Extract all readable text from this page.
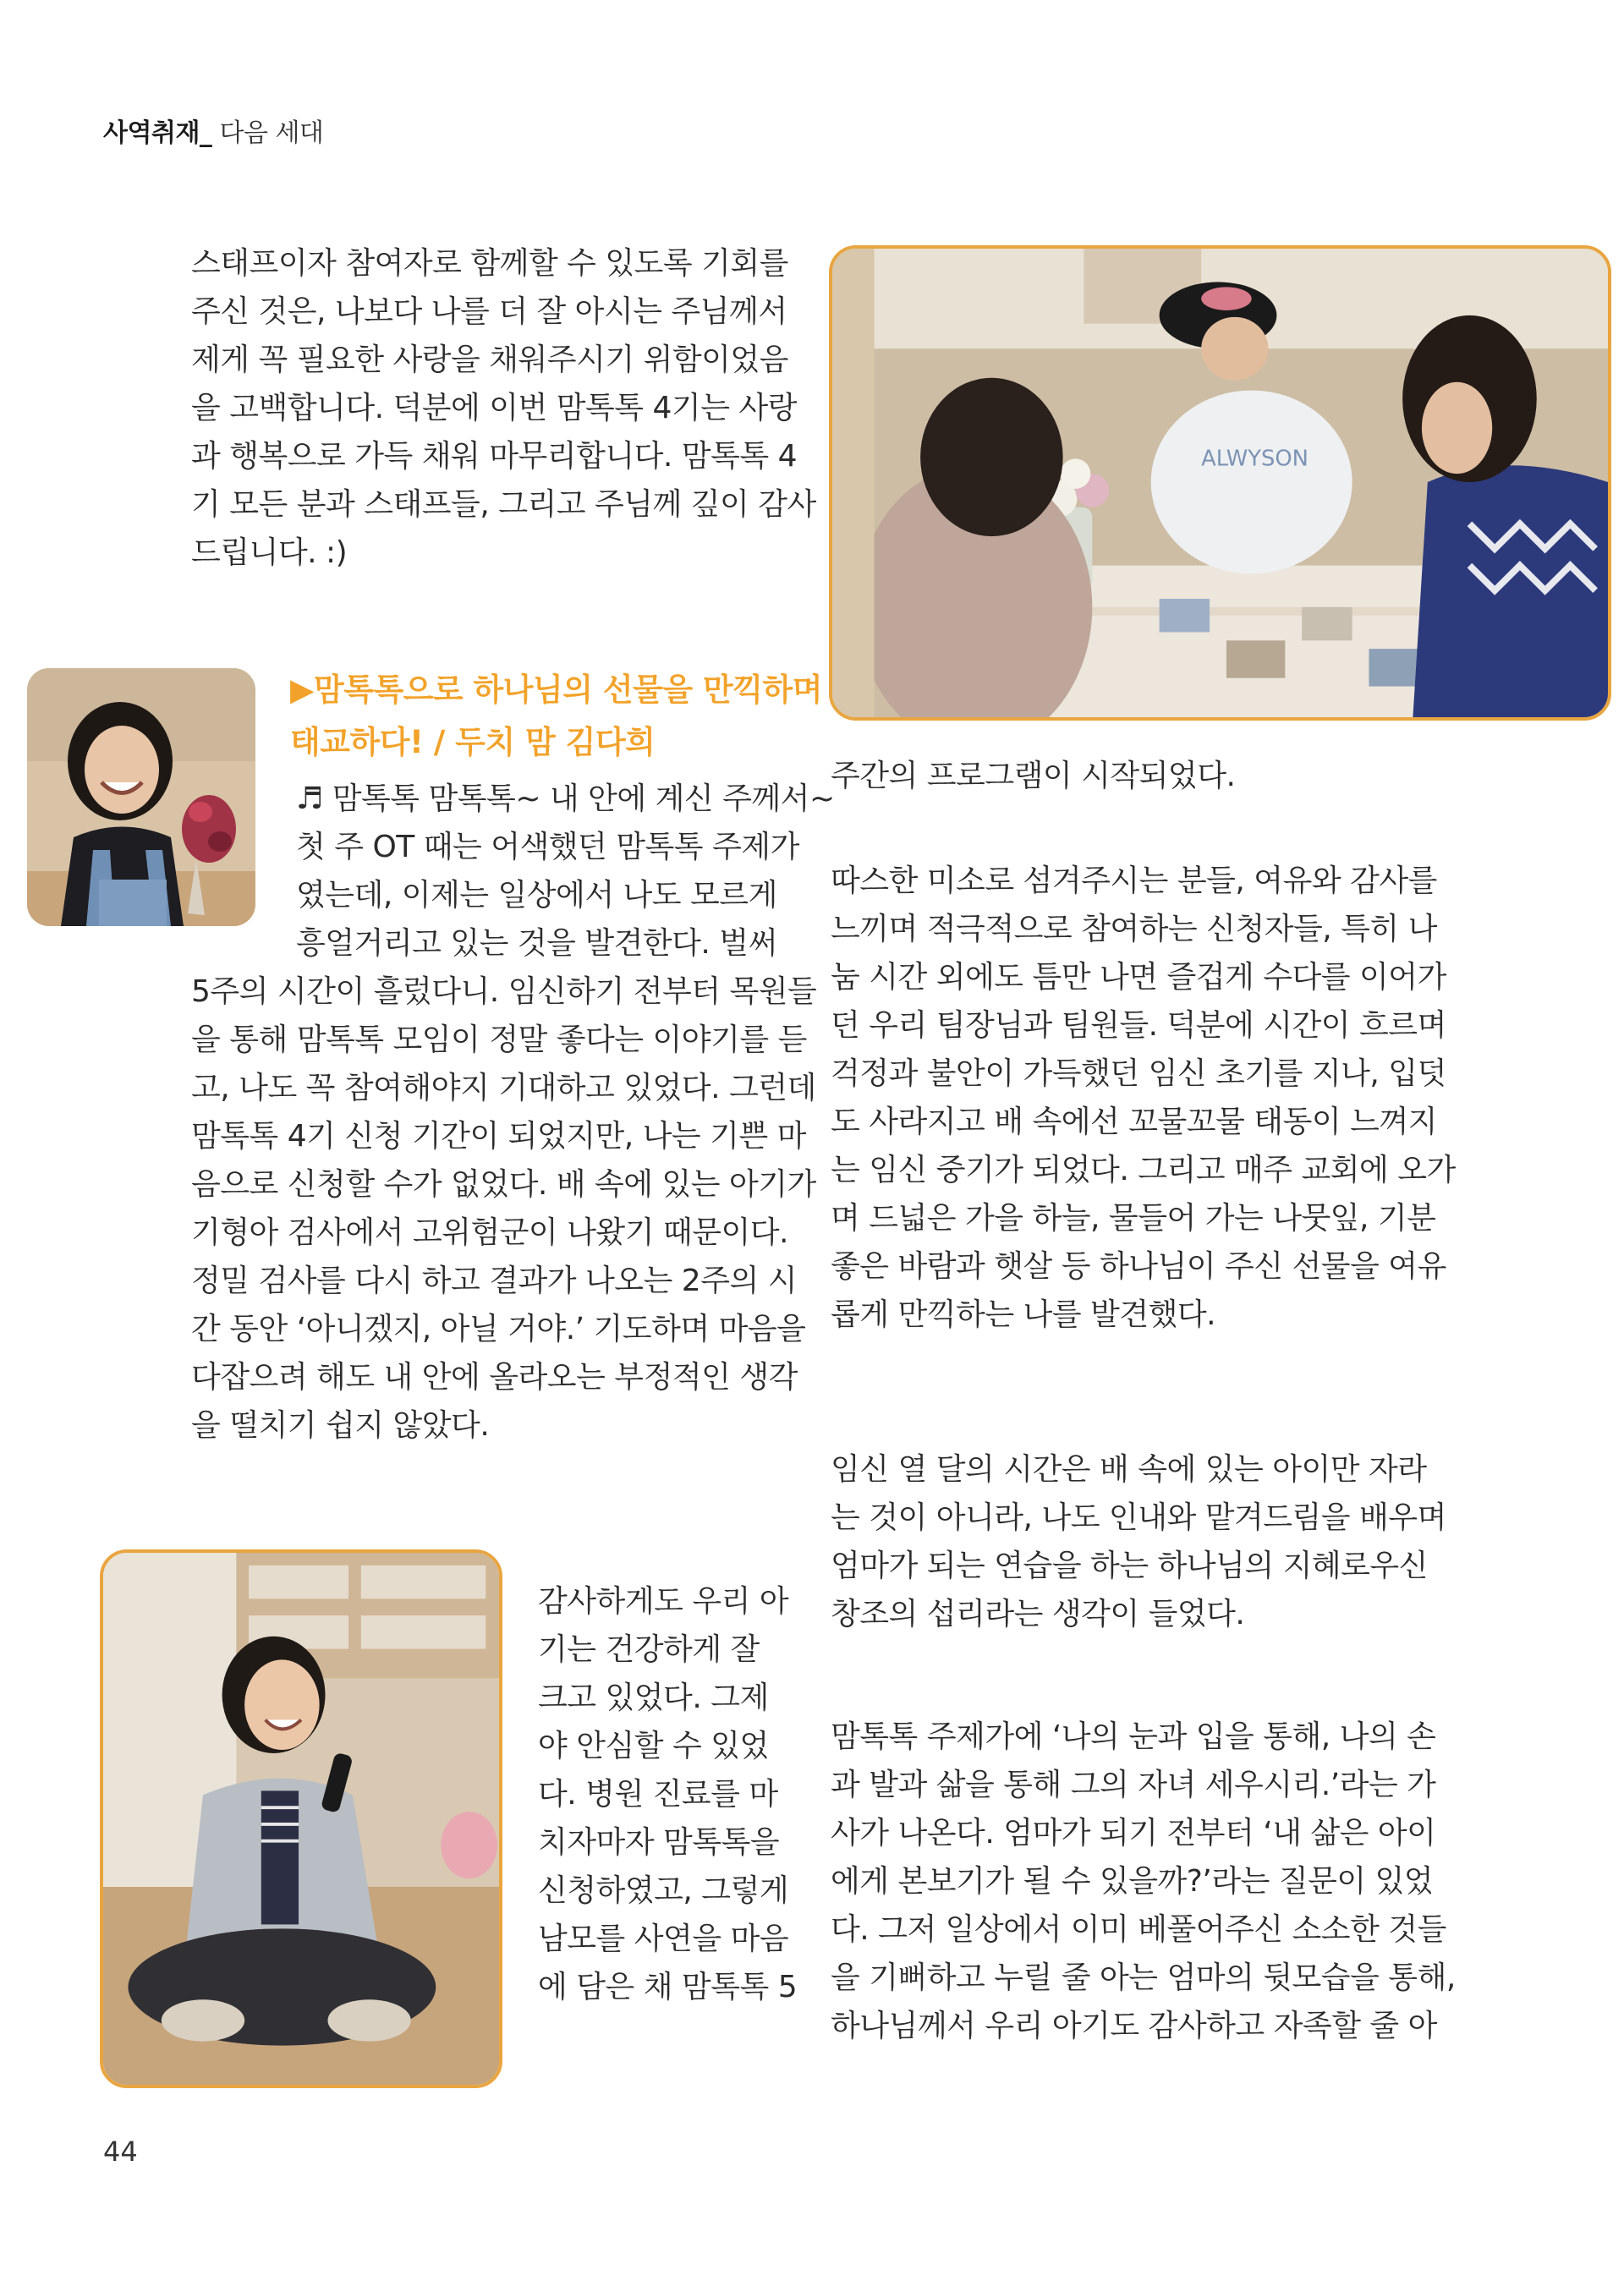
사역취재_ 다음 세대
스태프이자 참여자로 함께할 수 있도록 기회를
주신 것은, 나보다 나를 더 잘 아시는 주님께서
제게 꼭 필요한 사랑을 채워주시기 위함이었음
을 고백합니다. 덕분에 이번 맘톡톡 4기는 사랑
과 행복으로 가득 채워 마무리합니다. 맘톡톡 4
기 모든 분과 스태프들, 그리고 주님께 깊이 감사
드립니다. :)
▶맘톡톡으로 하나님의 선물을 만끽하며
태교하다! / 두치 맘 김다희
♬ 맘톡톡 맘톡톡~ 내 안에 계신 주께서~
첫 주 OT 때는 어색했던 맘톡톡 주제가
였는데, 이제는 일상에서 나도 모르게
흥얼거리고 있는 것을 발견한다. 벌써
5주의 시간이 흘렀다니. 임신하기 전부터 목원들
을 통해 맘톡톡 모임이 정말 좋다는 이야기를 듣
고, 나도 꼭 참여해야지 기대하고 있었다. 그런데
맘톡톡 4기 신청 기간이 되었지만, 나는 기쁜 마
음으로 신청할 수가 없었다. 배 속에 있는 아기가
기형아 검사에서 고위험군이 나왔기 때문이다.
정밀 검사를 다시 하고 결과가 나오는 2주의 시
간 동안 ‘아니겠지, 아닐 거야.’ 기도하며 마음을
다잡으려 해도 내 안에 올라오는 부정적인 생각
을 떨치기 쉽지 않았다.
감사하게도 우리 아
기는 건강하게 잘
크고 있었다. 그제
야 안심할 수 있었
다. 병원 진료를 마
치자마자 맘톡톡을
신청하였고, 그렇게
남모를 사연을 마음
에 담은 채 맘톡톡 5
ALWYSON
주간의 프로그램이 시작되었다.
따스한 미소로 섬겨주시는 분들, 여유와 감사를
느끼며 적극적으로 참여하는 신청자들, 특히 나
눔 시간 외에도 틈만 나면 즐겁게 수다를 이어가
던 우리 팀장님과 팀원들. 덕분에 시간이 흐르며
걱정과 불안이 가득했던 임신 초기를 지나, 입덧
도 사라지고 배 속에선 꼬물꼬물 태동이 느껴지
는 임신 중기가 되었다. 그리고 매주 교회에 오가
며 드넓은 가을 하늘, 물들어 가는 나뭇잎, 기분
좋은 바람과 햇살 등 하나님이 주신 선물을 여유
롭게 만끽하는 나를 발견했다.
임신 열 달의 시간은 배 속에 있는 아이만 자라
는 것이 아니라, 나도 인내와 맡겨드림을 배우며
엄마가 되는 연습을 하는 하나님의 지혜로우신
창조의 섭리라는 생각이 들었다.
맘톡톡 주제가에 ‘나의 눈과 입을 통해, 나의 손
과 발과 삶을 통해 그의 자녀 세우시리.’라는 가
사가 나온다. 엄마가 되기 전부터 ‘내 삶은 아이
에게 본보기가 될 수 있을까?’라는 질문이 있었
다. 그저 일상에서 이미 베풀어주신 소소한 것들
을 기뻐하고 누릴 줄 아는 엄마의 뒷모습을 통해,
하나님께서 우리 아기도 감사하고 자족할 줄 아
44
